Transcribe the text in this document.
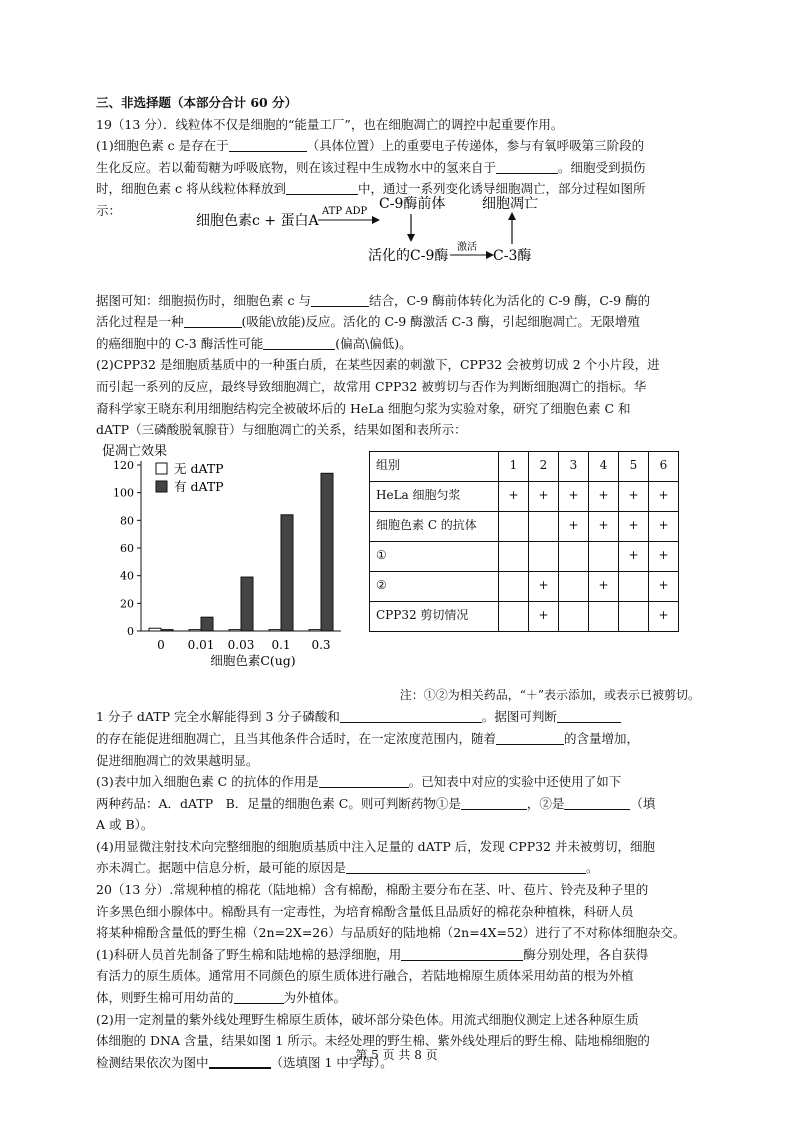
三、非选择题（本部分合计 60 分）
19（13 分）．线粒体不仅是细胞的“能量工厂”，也在细胞凋亡的调控中起重要作用。
(1)细胞色素 c 是存在于	（具体位置）上的重要电子传递体，参与有氧呼吸第三阶段的
生化反应。若以葡萄糖为呼吸底物，则在该过程中生成物水中的氢来自于	。细胞受到损伤
时，细胞色素 c 将从线粒体释放到	中，通过一系列变化诱导细胞凋亡，部分过程如图所
示：
细胞色素c + 蛋白A
ATP ADP C-9酶前体
活化的C-9酶
激活
C-3酶
细胞凋亡
据图可知：细胞损伤时，细胞色素 c 与	结合，C-9 酶前体转化为活化的 C-9 酶，C-9 酶的
活化过程是一种	(吸能\放能)反应。活化的 C-9 酶激活 C-3 酶，引起细胞凋亡。无限增殖
的癌细胞中的 C-3 酶活性可能	(偏高\偏低)。
(2)CPP32 是细胞质基质中的一种蛋白质，在某些因素的刺激下，CPP32 会被剪切成 2 个小片段，进
而引起一系列的反应，最终导致细胞凋亡，故常用 CPP32 被剪切与否作为判断细胞凋亡的指标。华
裔科学家王晓东利用细胞结构完全被破坏后的 HeLa 细胞匀浆为实验对象，研究了细胞色素 C 和
dATP（三磷酸脱氧腺苷）与细胞凋亡的关系，结果如图和表所示：
促凋亡效果
0
20
40
60
80
100
120
0 0.01 0.03 0.1 0.3
细胞色素C(ug)
无 dATP
有 dATP
组别	1	2	3	4	5	6
HeLa 细胞匀浆	+	+	+	+	+	+
细胞色素 C 的抗体			+	+	+	+
①					+	+
②		+		+		+
CPP32 剪切情况		+				+
注：①②为相关药品，“＋”表示添加，或表示已被剪切。
1 分子 dATP 完全水解能得到 3 分子磷酸和	。据图可判断
的存在能促进细胞凋亡，且当其他条件合适时，在一定浓度范围内，随着	的含量增加，
促进细胞凋亡的效果越明显。
(3)表中加入细胞色素 C 的抗体的作用是	。已知表中对应的实验中还使用了如下
两种药品：A．dATP　B．足量的细胞色素 C。则可判断药物①是	，②是	（填
A 或 B）。
(4)用显微注射技术向完整细胞的细胞质基质中注入足量的 dATP 后，发现 CPP32 并未被剪切，细胞
亦未凋亡。据题中信息分析，最可能的原因是	。
20（13 分）.常规种植的棉花（陆地棉）含有棉酚，棉酚主要分布在茎、叶、苞片、铃壳及种子里的
许多黑色细小腺体中。棉酚具有一定毒性，为培育棉酚含量低且品质好的棉花杂种植株，科研人员
将某种棉酚含量低的野生棉（2n=2X=26）与品质好的陆地棉（2n=4X=52）进行了不对称体细胞杂交。
(1)科研人员首先制备了野生棉和陆地棉的悬浮细胞，用	酶分别处理，各自获得
有活力的原生质体。通常用不同颜色的原生质体进行融合，若陆地棉原生质体采用幼苗的根为外植
体，则野生棉可用幼苗的	为外植体。
(2)用一定剂量的紫外线处理野生棉原生质体，破坏部分染色体。用流式细胞仪测定上述各种原生质
体细胞的 DNA 含量，结果如图 1 所示。未经处理的野生棉、紫外线处理后的野生棉、陆地棉细胞的
检测结果依次为图中	（选填图 1 中字母）。
第 5 页 共 8 页
